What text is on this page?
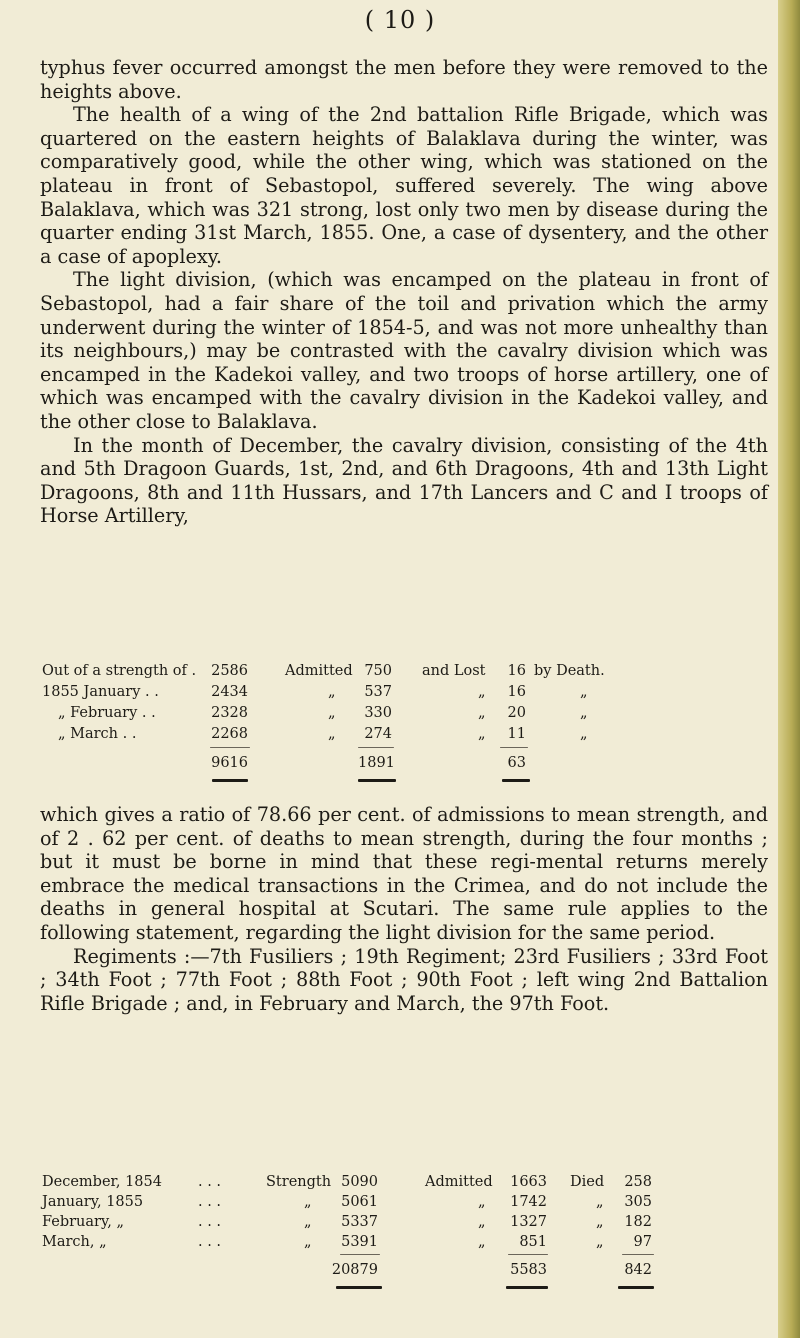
( 10 )

typhus fever occurred amongst the men before they were removed to the heights above.

The health of a wing of the 2nd battalion Rifle Brigade, which was quartered on the eastern heights of Balaklava during the winter, was comparatively good, while the other wing, which was stationed on the plateau in front of Sebastopol, suffered severely. The wing above Balaklava, which was 321 strong, lost only two men by disease during the quarter ending 31st March, 1855. One, a case of dysentery, and the other a case of apoplexy.

The light division, (which was encamped on the plateau in front of Sebastopol, had a fair share of the toil and privation which the army underwent during the winter of 1854-5, and was not more unhealthy than its neighbours,) may be contrasted with the cavalry division which was encamped in the Kadekoi valley, and two troops of horse artillery, one of which was encamped with the cavalry division in the Kadekoi valley, and the other close to Balaklava.

In the month of December, the cavalry division, consisting of the 4th and 5th Dragoon Guards, 1st, 2nd, and 6th Dragoons, 4th and 13th Light Dragoons, 8th and 11th Hussars, and 17th Lancers and C and I troops of Horse Artillery,

Out of a strength of . 2586	Admitted 750 and Lost	16 by Death.
1855 January . .	2434	„	537	„	16	„
„ February . .	2328	„	330	„	20	„
„ March . .	2268	„	274	„	11	„
9616	1891	63

which gives a ratio of 78.66 per cent. of admissions to mean strength, and of 2 . 62 per cent. of deaths to mean strength, during the four months ; but it must be borne in mind that these regi-mental returns merely embrace the medical transactions in the Crimea, and do not include the deaths in general hospital at Scutari. The same rule applies to the following statement, regarding the light division for the same period.

Regiments :—7th Fusiliers ; 19th Regiment; 23rd Fusiliers ; 33rd Foot ; 34th Foot ; 77th Foot ; 88th Foot ; 90th Foot ; left wing 2nd Battalion Rifle Brigade ; and, in February and March, the 97th Foot.

December, 1854 . . .	Strength 5090	Admitted	1663 Died	258
January, 1855	. . .	„ 5061	„	1742	„	305
February, „	. . .	„ 5337	„	1327	„	182
March, „	. . .	„ 5391	„	851	„	97
20879	5583	842
